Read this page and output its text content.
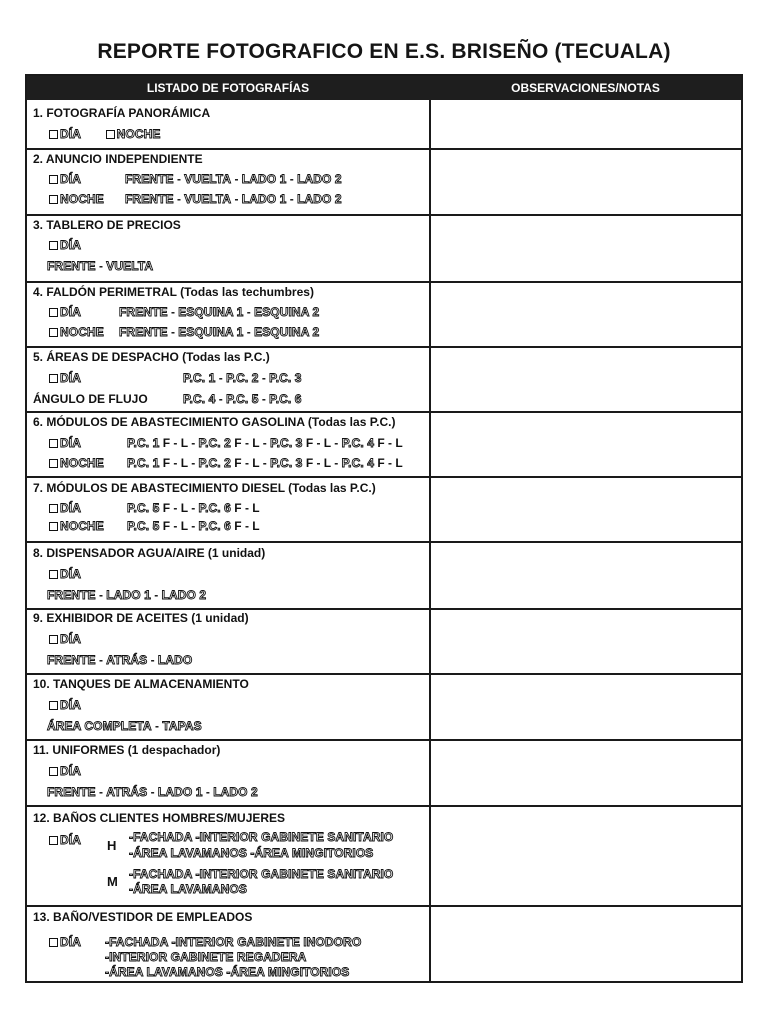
REPORTE FOTOGRAFICO EN E.S. BRISEÑO (TECUALA)
LISTADO DE FOTOGRAFÍAS	OBSERVACIONES/NOTAS
1. FOTOGRAFÍA PANORÁMICA
DÍA	NOCHE
2. ANUNCIO INDEPENDIENTE
DÍA	FRENTE - VUELTA - LADO 1 - LADO 2
NOCHE FRENTE - VUELTA - LADO 1 - LADO 2
3. TABLERO DE PRECIOS
DÍA
FRENTE - VUELTA
4. FALDÓN PERIMETRAL (Todas las techumbres)
DÍA	FRENTE - ESQUINA 1 - ESQUINA 2
NOCHE FRENTE - ESQUINA 1 - ESQUINA 2
5. ÁREAS DE DESPACHO (Todas las P.C.)
DÍA	P.C. 1 - P.C. 2 - P.C. 3
ÁNGULO DE FLUJO	P.C. 4 - P.C. 5 - P.C. 6
6. MÓDULOS DE ABASTECIMIENTO GASOLINA (Todas las P.C.)
DÍA	P.C. 1 F - L - P.C. 2 F - L - P.C. 3 F - L - P.C. 4 F - L
NOCHE P.C. 1 F - L - P.C. 2 F - L - P.C. 3 F - L - P.C. 4 F - L
7. MÓDULOS DE ABASTECIMIENTO DIESEL (Todas las P.C.)
DÍA	P.C. 5 F - L - P.C. 6 F - L
NOCHE P.C. 5 F - L - P.C. 6 F - L
8. DISPENSADOR AGUA/AIRE (1 unidad)
DÍA
FRENTE - LADO 1 - LADO 2
9. EXHIBIDOR DE ACEITES (1 unidad)
DÍA
FRENTE - ATRÁS - LADO
10. TANQUES DE ALMACENAMIENTO
DÍA
ÁREA COMPLETA - TAPAS
11. UNIFORMES (1 despachador)
DÍA
FRENTE - ATRÁS - LADO 1 - LADO 2
12. BAÑOS CLIENTES HOMBRES/MUJERES
DÍA H
-FACHADA -INTERIOR GABINETE SANITARIO
-ÁREA LAVAMANOS -ÁREA MINGITORIOS
M -FACHADA -INTERIOR GABINETE SANITARIO
-ÁREA LAVAMANOS
13. BAÑO/VESTIDOR DE EMPLEADOS
DÍA -FACHADA -INTERIOR GABINETE INODORO
-INTERIOR GABINETE REGADERA
-ÁREA LAVAMANOS -ÁREA MINGITORIOS
